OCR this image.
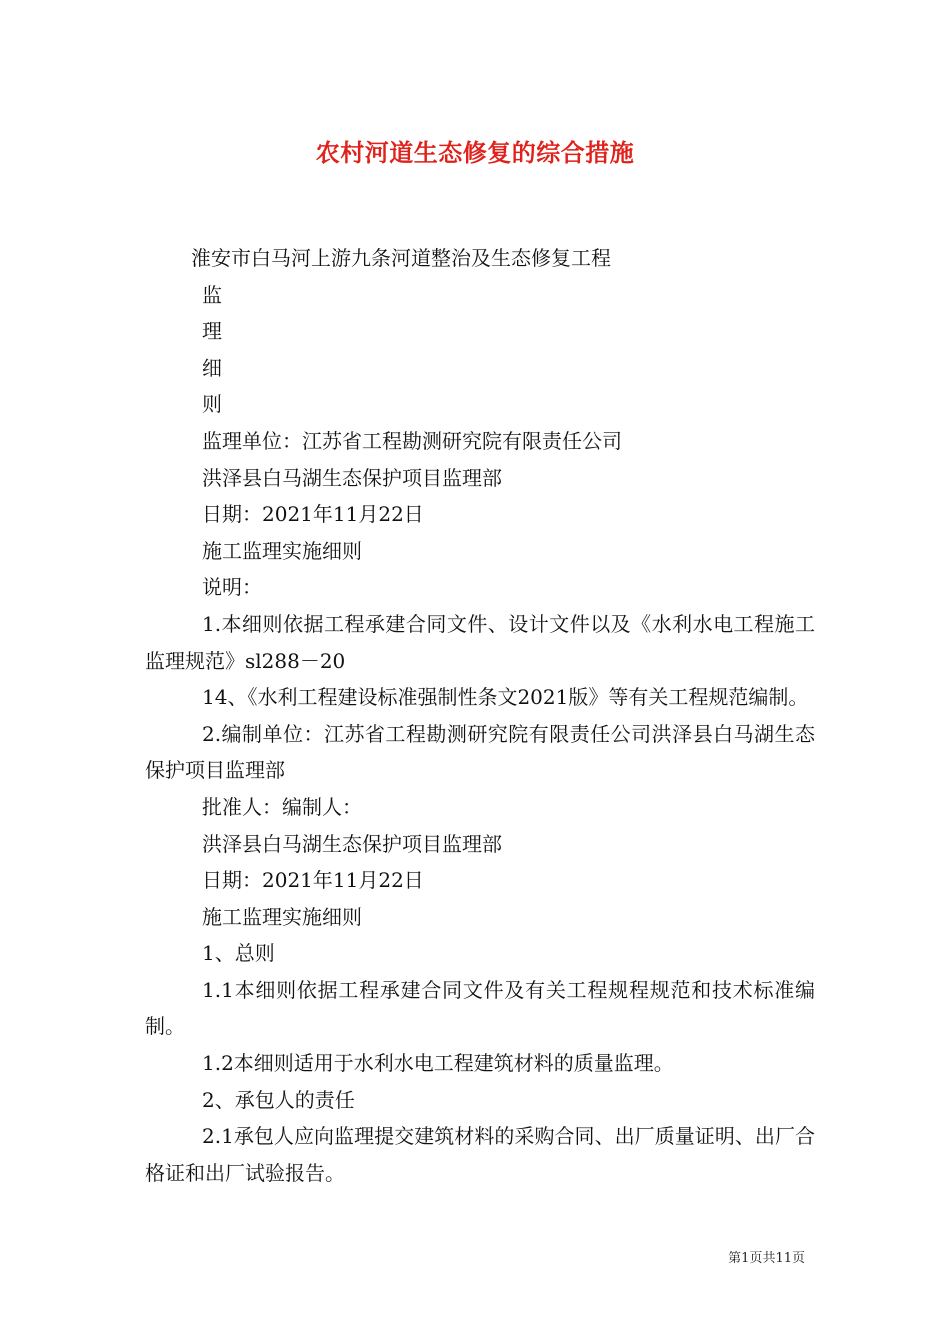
农村河道生态修复的综合措施

淮安市白马河上游九条河道整治及生态修复工程

监

理

细

则

监理单位：江苏省工程勘测研究院有限责任公司

洪泽县白马湖生态保护项目监理部

日期：2021年11月22日

施工监理实施细则

说明：

1.本细则依据工程承建合同文件、设计文件以及《水利水电工程施工监理规范》sl288－20

14、《水利工程建设标准强制性条文2021版》等有关工程规范编制。

2.编制单位：江苏省工程勘测研究院有限责任公司洪泽县白马湖生态保护项目监理部

批准人：编制人：

洪泽县白马湖生态保护项目监理部

日期：2021年11月22日

施工监理实施细则

1、总则

1.1本细则依据工程承建合同文件及有关工程规程规范和技术标准编制。

1.2本细则适用于水利水电工程建筑材料的质量监理。

2、承包人的责任

2.1承包人应向监理提交建筑材料的采购合同、出厂质量证明、出厂合格证和出厂试验报告。

第1页共11页
